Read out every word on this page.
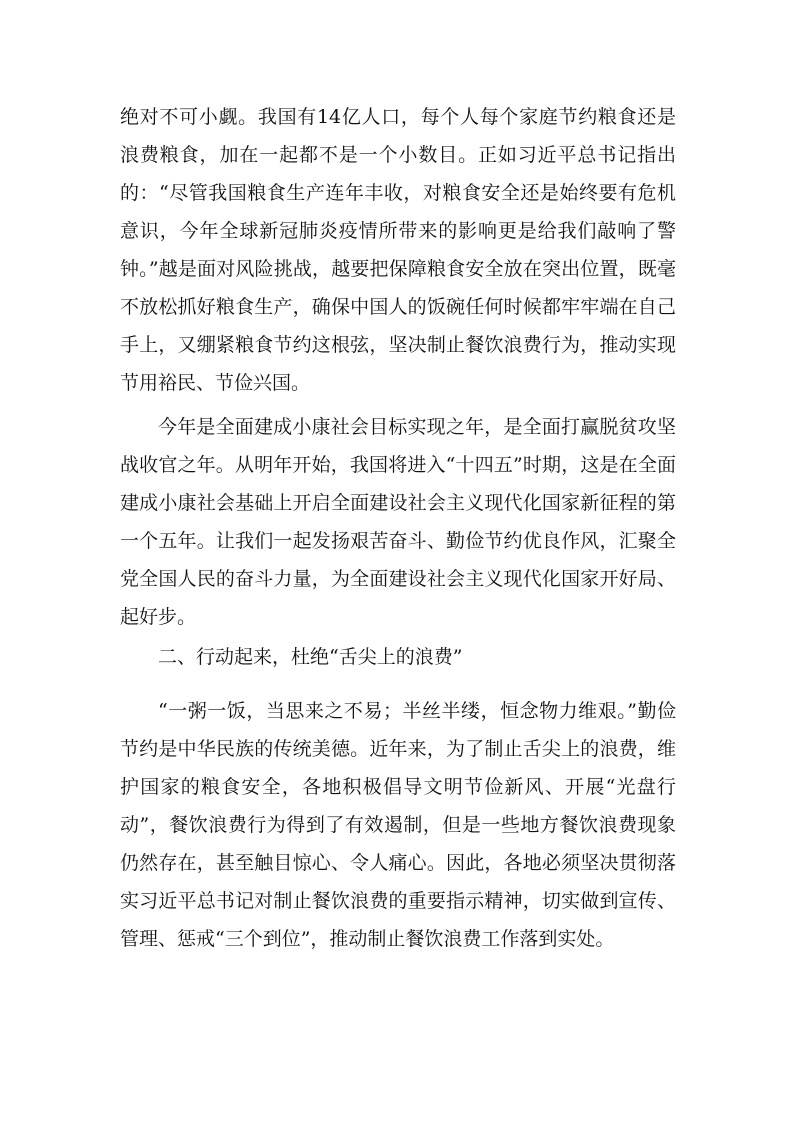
绝对不可小觑。我国有14亿人口，每个人每个家庭节约粮食还是浪费粮食，加在一起都不是一个小数目。正如习近平总书记指出的：“尽管我国粮食生产连年丰收，对粮食安全还是始终要有危机意识，今年全球新冠肺炎疫情所带来的影响更是给我们敲响了警钟。”越是面对风险挑战，越要把保障粮食安全放在突出位置，既毫不放松抓好粮食生产，确保中国人的饭碗任何时候都牢牢端在自己手上，又绷紧粮食节约这根弦，坚决制止餐饮浪费行为，推动实现节用裕民、节俭兴国。

今年是全面建成小康社会目标实现之年，是全面打赢脱贫攻坚战收官之年。从明年开始，我国将进入“十四五”时期，这是在全面建成小康社会基础上开启全面建设社会主义现代化国家新征程的第一个五年。让我们一起发扬艰苦奋斗、勤俭节约优良作风，汇聚全党全国人民的奋斗力量，为全面建设社会主义现代化国家开好局、起好步。

二、行动起来，杜绝“舌尖上的浪费”

“一粥一饭，当思来之不易；半丝半缕，恒念物力维艰。”勤俭节约是中华民族的传统美德。近年来，为了制止舌尖上的浪费，维护国家的粮食安全，各地积极倡导文明节俭新风、开展“光盘行动”，餐饮浪费行为得到了有效遏制，但是一些地方餐饮浪费现象仍然存在，甚至触目惊心、令人痛心。因此，各地必须坚决贯彻落实习近平总书记对制止餐饮浪费的重要指示精神，切实做到宣传、管理、惩戒“三个到位”，推动制止餐饮浪费工作落到实处。
